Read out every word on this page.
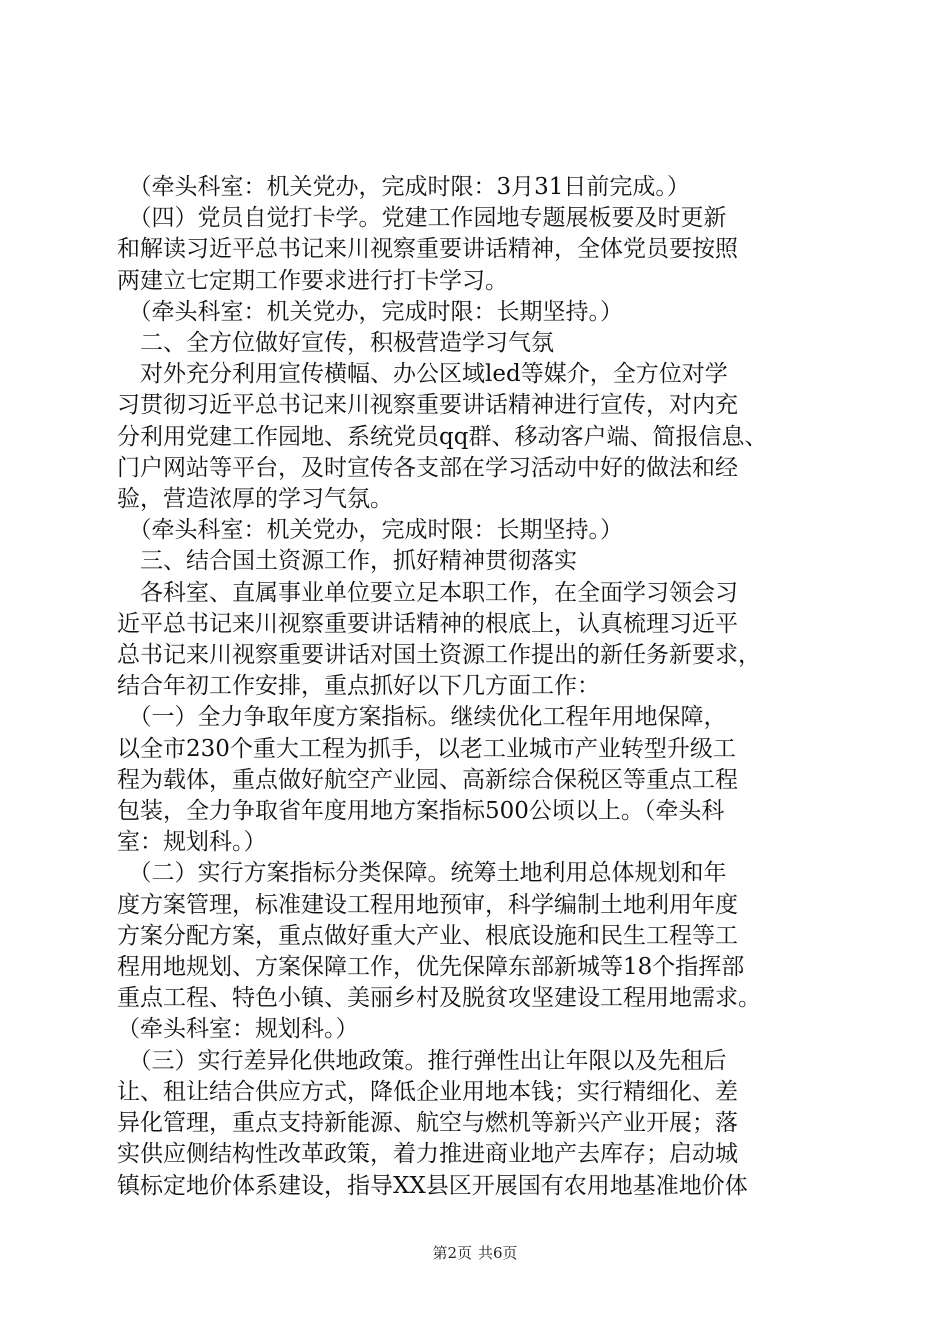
　（牵头科室：机关党办，完成时限：3月31日前完成。）

　（四）党员自觉打卡学。党建工作园地专题展板要及时更新

和解读习近平总书记来川视察重要讲话精神，全体党员要按照

两建立七定期工作要求进行打卡学习。

　（牵头科室：机关党办，完成时限：长期坚持。）

　二、全方位做好宣传，积极营造学习气氛

　对外充分利用宣传横幅、办公区域led等媒介，全方位对学

习贯彻习近平总书记来川视察重要讲话精神进行宣传，对内充

分利用党建工作园地、系统党员qq群、移动客户端、简报信息、

门户网站等平台，及时宣传各支部在学习活动中好的做法和经

验，营造浓厚的学习气氛。

　（牵头科室：机关党办，完成时限：长期坚持。）

　三、结合国土资源工作，抓好精神贯彻落实

　各科室、直属事业单位要立足本职工作，在全面学习领会习

近平总书记来川视察重要讲话精神的根底上，认真梳理习近平

总书记来川视察重要讲话对国土资源工作提出的新任务新要求，

结合年初工作安排，重点抓好以下几方面工作：

　（一）全力争取年度方案指标。继续优化工程年用地保障，

以全市230个重大工程为抓手，以老工业城市产业转型升级工

程为载体，重点做好航空产业园、高新综合保税区等重点工程

包装，全力争取省年度用地方案指标500公顷以上。（牵头科

室：规划科。）

　（二）实行方案指标分类保障。统筹土地利用总体规划和年

度方案管理，标准建设工程用地预审，科学编制土地利用年度

方案分配方案，重点做好重大产业、根底设施和民生工程等工

程用地规划、方案保障工作，优先保障东部新城等18个指挥部

重点工程、特色小镇、美丽乡村及脱贫攻坚建设工程用地需求。

（牵头科室：规划科。）

　（三）实行差异化供地政策。推行弹性出让年限以及先租后

让、租让结合供应方式，降低企业用地本钱；实行精细化、差

异化管理，重点支持新能源、航空与燃机等新兴产业开展；落

实供应侧结构性改革政策，着力推进商业地产去库存；启动城

镇标定地价体系建设，指导XX县区开展国有农用地基准地价体

第2页 共6页
